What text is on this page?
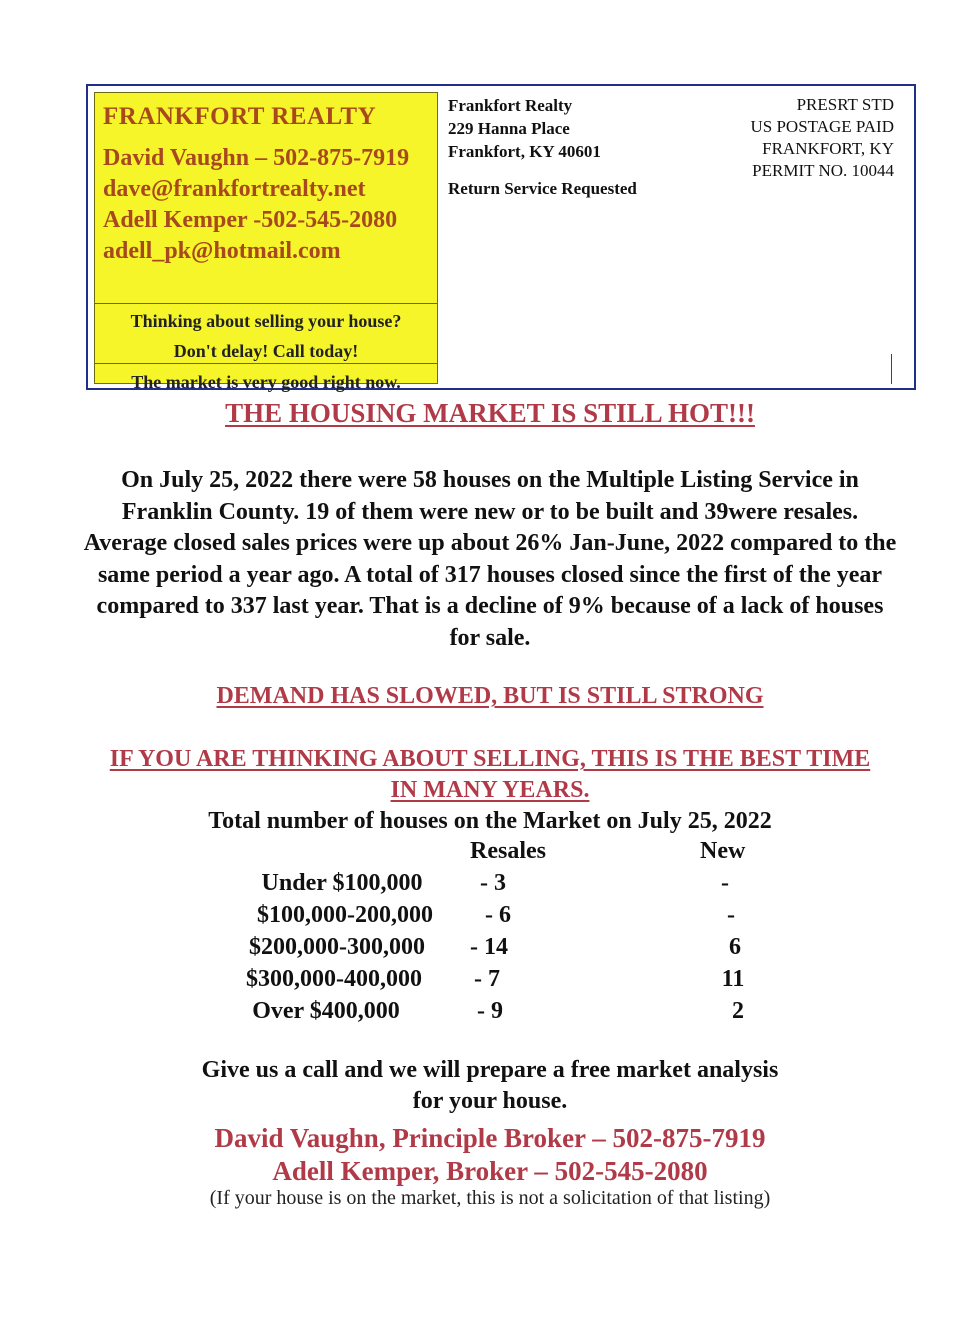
FRANKFORT REALTY
David Vaughn – 502-875-7919
dave@frankfortrealty.net
Adell Kemper -502-545-2080
adell_pk@hotmail.com
Thinking about selling your house?
Don't delay! Call today!
The market is very good right now.
Frankfort Realty
229 Hanna Place
Frankfort, KY 40601
Return Service Requested
PRESRT STD
US POSTAGE PAID
FRANKFORT, KY
PERMIT NO. 10044
THE HOUSING MARKET IS STILL HOT!!!
On July 25, 2022 there were 58 houses on the Multiple Listing Service in Franklin County. 19 of them were new or to be built and 39were resales. Average closed sales prices were up about 26% Jan-June, 2022 compared to the same period a year ago. A total of 317 houses closed since the first of the year compared to 337 last year. That is a decline of 9% because of a lack of houses for sale.
DEMAND HAS SLOWED, BUT IS STILL STRONG
IF YOU ARE THINKING ABOUT SELLING, THIS IS THE BEST TIME IN MANY YEARS.
Total number of houses on the Market on July 25, 2022
Resales	New
Under $100,000	- 3	-
$100,000-200,000	- 6	-
$200,000-300,000	- 14	6
$300,000-400,000	- 7	11
Over $400,000	- 9	2
Give us a call and we will prepare a free market analysis
for your house.
David Vaughn, Principle Broker – 502-875-7919
Adell Kemper, Broker – 502-545-2080
(If your house is on the market, this is not a solicitation of that listing)
